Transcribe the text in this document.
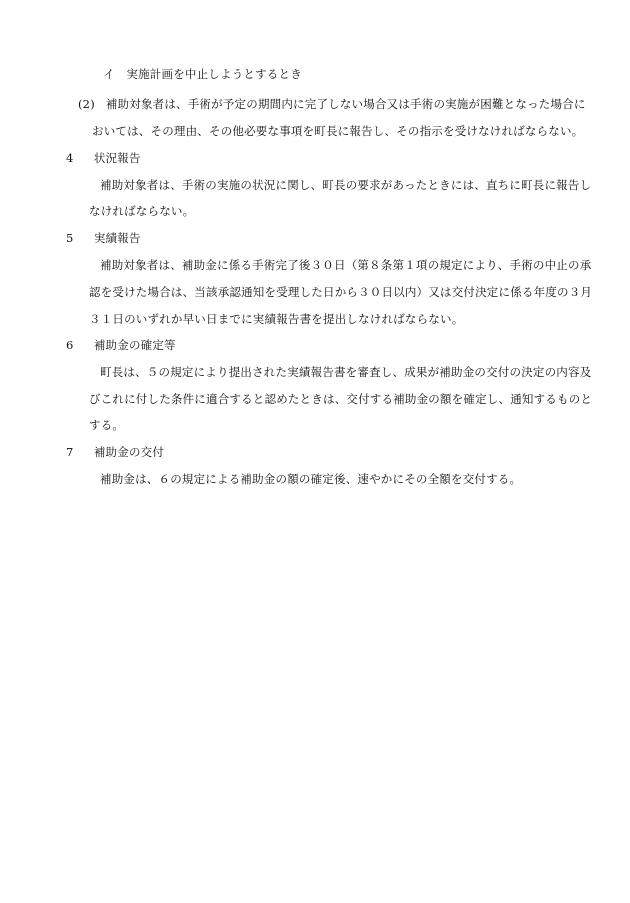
イ　実施計画を中止しようとするとき
(2) 補助対象者は、手術が予定の期間内に完了しない場合又は手術の実施が困難となった場合に
おいては、その理由、その他必要な事項を町長に報告し、その指示を受けなければならない。
4 状況報告
補助対象者は、手術の実施の状況に関し、町長の要求があったときには、直ちに町長に報告し
なければならない。
5 実績報告
補助対象者は、補助金に係る手術完了後３０日（第８条第１項の規定により、手術の中止の承
認を受けた場合は、当該承認通知を受理した日から３０日以内）又は交付決定に係る年度の３月
３１日のいずれか早い日までに実績報告書を提出しなければならない。
6 補助金の確定等
町長は、５の規定により提出された実績報告書を審査し、成果が補助金の交付の決定の内容及
びこれに付した条件に適合すると認めたときは、交付する補助金の額を確定し、通知するものと
する。
7 補助金の交付
補助金は、６の規定による補助金の額の確定後、速やかにその全額を交付する。
